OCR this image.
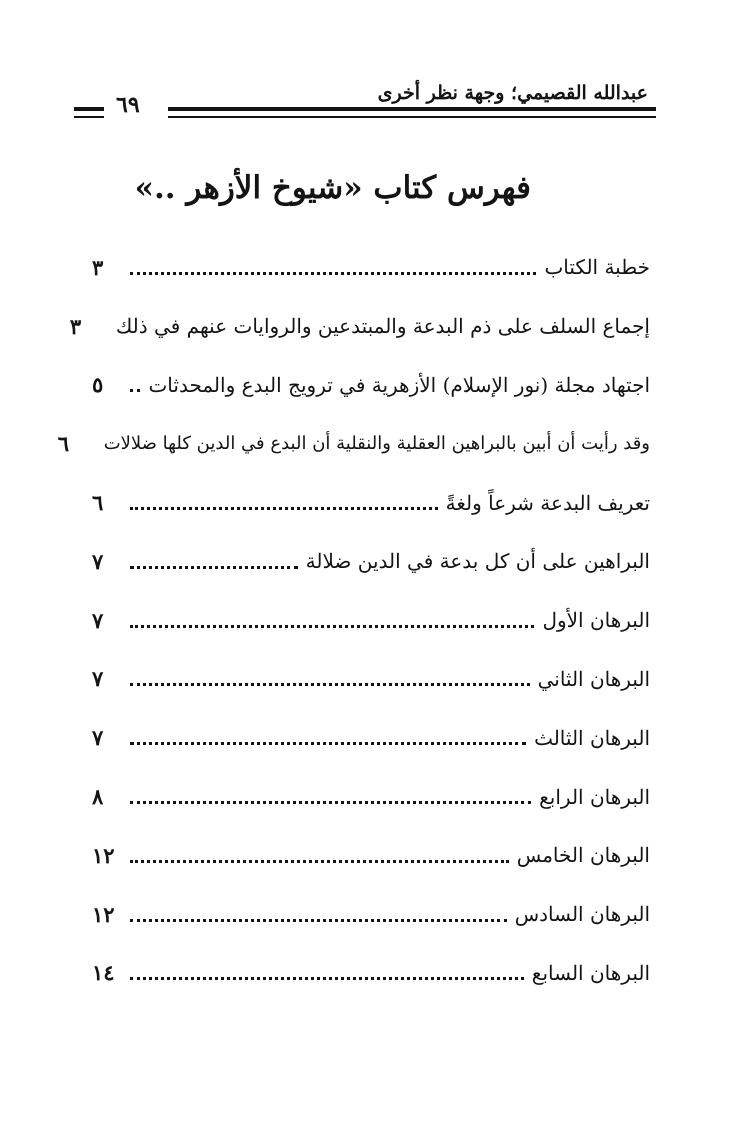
عبدالله القصيمي؛ وجهة نظر أخرى
٦٩
فهرس كتاب «شيوخ الأزهر ..»
خطبة الكتاب
٣
إجماع السلف على ذم البدعة والمبتدعين والروايات عنهم في ذلك
٣
اجتهاد مجلة (نور الإسلام) الأزهرية في ترويج البدع والمحدثات
٥
وقد رأيت أن أبين بالبراهين العقلية والنقلية أن البدع في الدين كلها ضلالات
٦
تعريف البدعة شرعاً ولغةً
٦
البراهين على أن كل بدعة في الدين ضلالة
٧
البرهان الأول
٧
البرهان الثاني
٧
البرهان الثالث
٧
البرهان الرابع
٨
البرهان الخامس
١٢
البرهان السادس
١٢
البرهان السابع
١٤
